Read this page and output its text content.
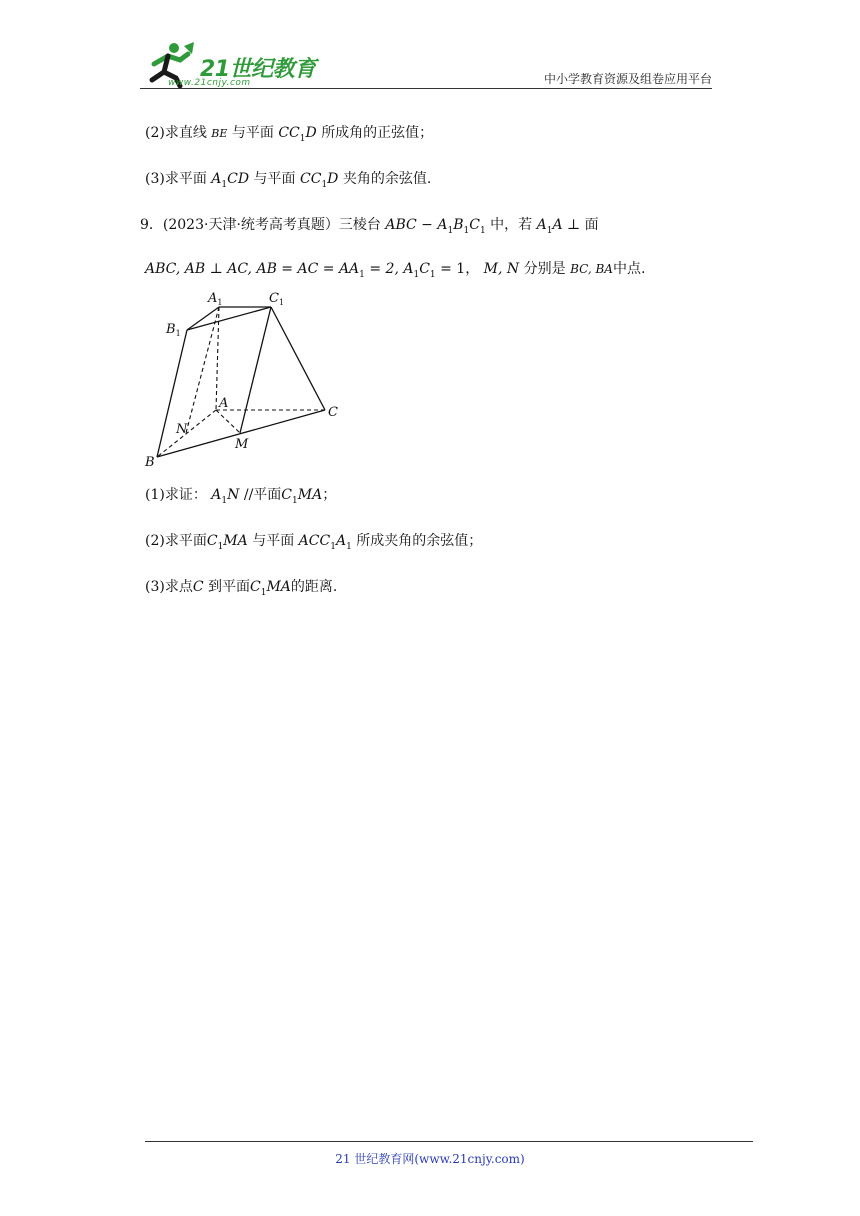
21世纪教育
www.21cnjy.com	中小学教育资源及组卷应用平台
(2)求直线 BE 与平面 $CC_1D$ 所成角的正弦值；
(3)求平面 $A_1CD$ 与平面 $CC_1D$ 夹角的余弦值.
9．(2023·天津·统考高考真题）三棱台 ABC − $A_1B_1C_1$ 中，若 $A_1A$ ⊥ 面
ABC, AB ⊥ AC, AB = AC = $AA_1 = 2$, $A_1C_1 = 1$， M, N 分别是 BC, BA中点.
$A_1$	$C_1$
$B_1$
A
C
N
M
B
(1)求证： $A_1N$ //平面$C_1MA$；
(2)求平面$C_1MA$ 与平面 $ACC_1A_1$ 所成夹角的余弦值；
(3)求点C 到平面$C_1MA$的距离.
21 世纪教育网(www.21cnjy.com)
